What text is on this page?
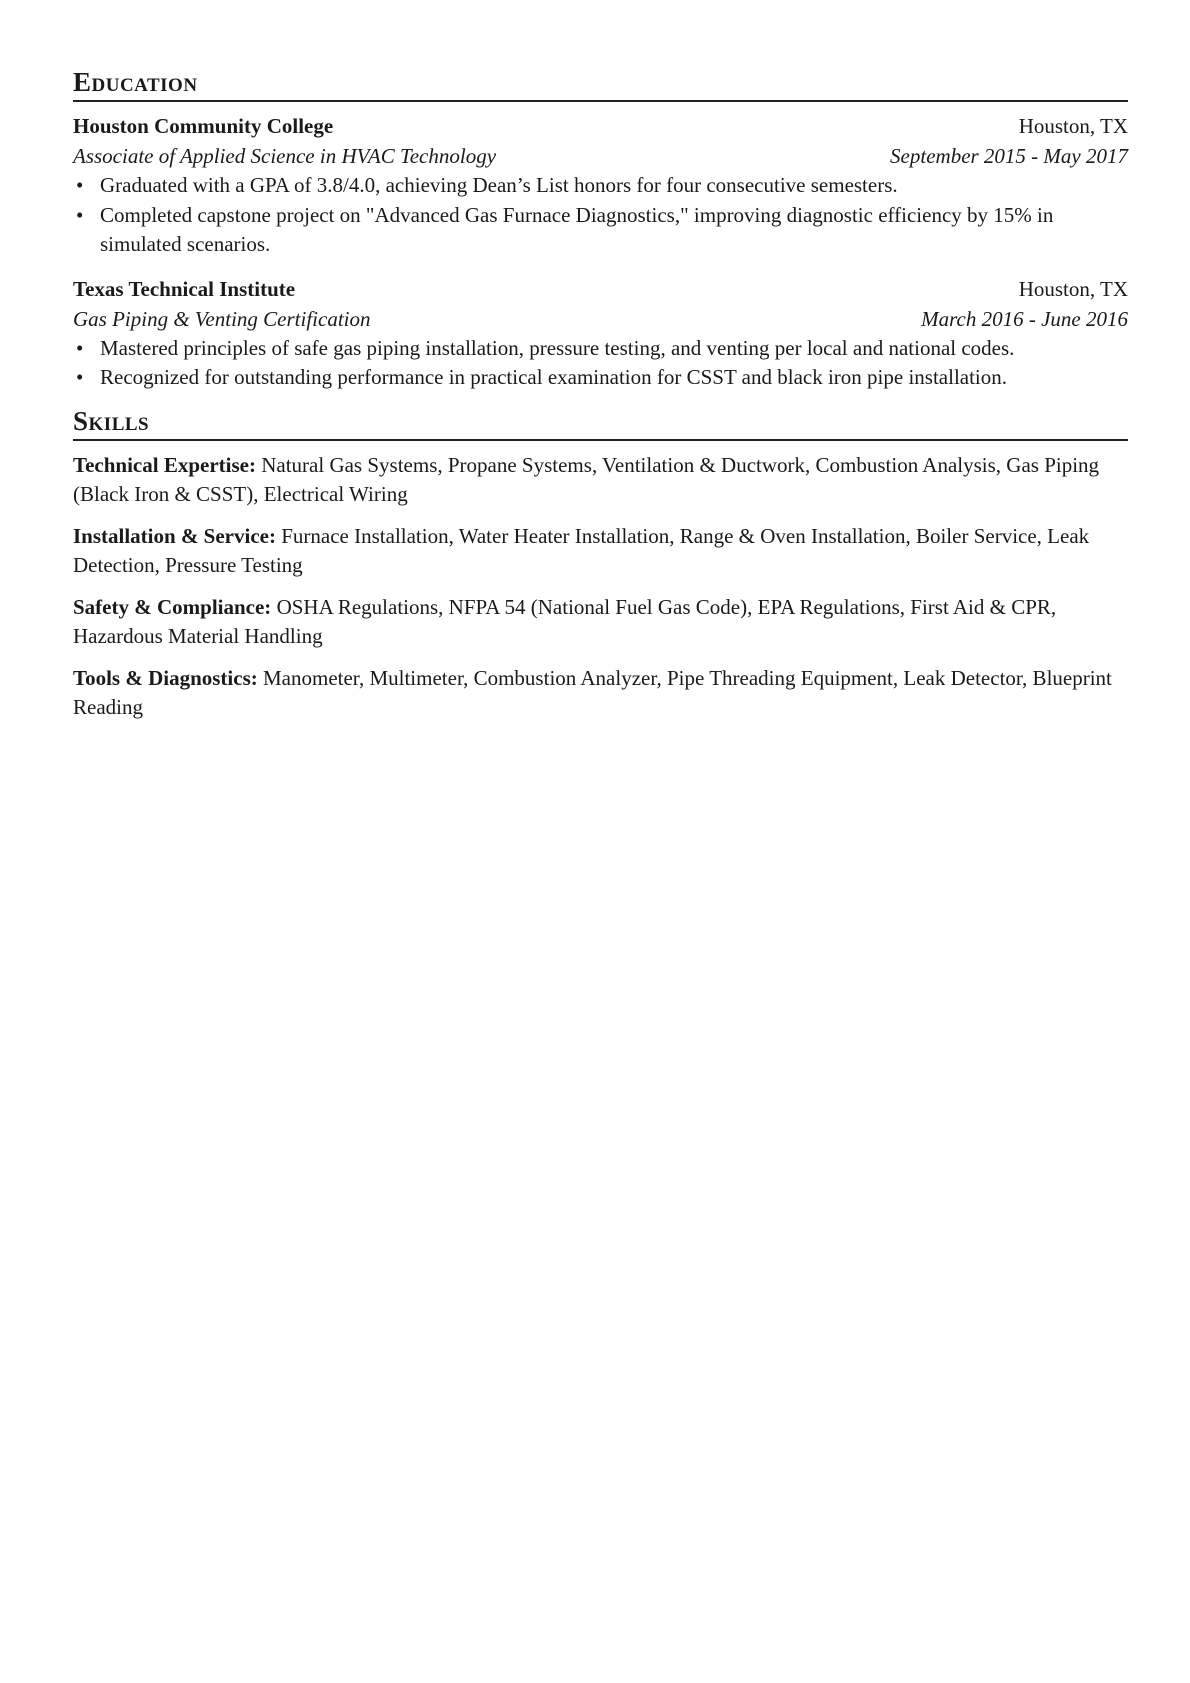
Education
Houston Community College	Houston, TX
Associate of Applied Science in HVAC Technology	September 2015 - May 2017
• Graduated with a GPA of 3.8/4.0, achieving Dean’s List honors for four consecutive semesters.
• Completed capstone project on "Advanced Gas Furnace Diagnostics," improving diagnostic efficiency by 15% in simulated scenarios.
Texas Technical Institute	Houston, TX
Gas Piping & Venting Certification	March 2016 - June 2016
• Mastered principles of safe gas piping installation, pressure testing, and venting per local and national codes.
• Recognized for outstanding performance in practical examination for CSST and black iron pipe installation.
Skills

Technical Expertise: Natural Gas Systems, Propane Systems, Ventilation & Ductwork, Combustion Analysis, Gas Piping (Black Iron & CSST), Electrical Wiring

Installation & Service: Furnace Installation, Water Heater Installation, Range & Oven Installation, Boiler Service, Leak Detection, Pressure Testing

Safety & Compliance: OSHA Regulations, NFPA 54 (National Fuel Gas Code), EPA Regulations, First Aid & CPR, Hazardous Material Handling

Tools & Diagnostics: Manometer, Multimeter, Combustion Analyzer, Pipe Threading Equipment, Leak Detector, Blueprint Reading
